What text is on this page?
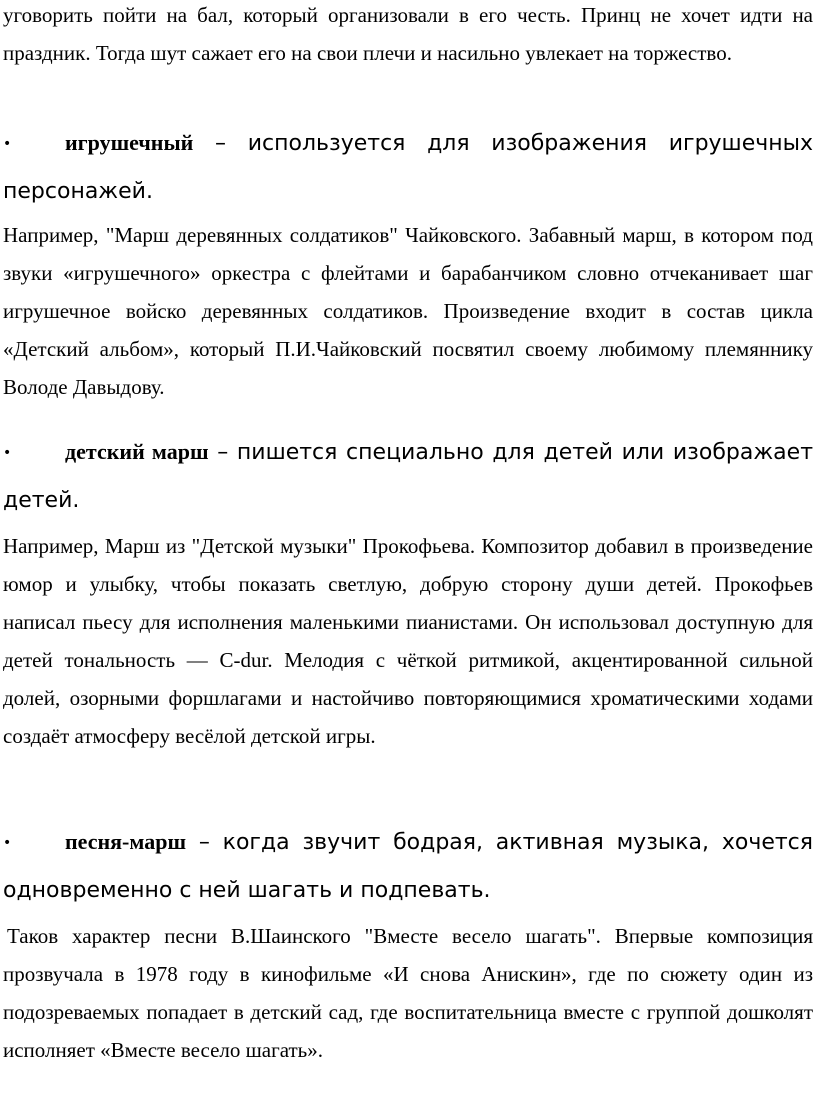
уговорить пойти на бал, который организовали в его честь. Принц не хочет идти на праздник. Тогда шут сажает его на свои плечи и насильно увлекает на торжество.

• игрушечный – используется для изображения игрушечных персонажей.

Например, "Марш деревянных солдатиков" Чайковского. Забавный марш, в котором под звуки «игрушечного» оркестра с флейтами и барабанчиком словно отчеканивает шаг игрушечное войско деревянных солдатиков. Произведение входит в состав цикла «Детский альбом», который П.И.Чайковский посвятил своему любимому племяннику Володе Давыдову.

• детский марш – пишется специально для детей или изображает детей.

Например, Марш из "Детской музыки" Прокофьева. Композитор добавил в произведение юмор и улыбку, чтобы показать светлую, добрую сторону души детей. Прокофьев написал пьесу для исполнения маленькими пианистами. Он использовал доступную для детей тональность — C-dur. Мелодия с чёткой ритмикой, акцентированной сильной долей, озорными форшлагами и настойчиво повторяющимися хроматическими ходами создаёт атмосферу весёлой детской игры.

• песня-марш – когда звучит бодрая, активная музыка, хочется одновременно с ней шагать и подпевать.

Таков характер песни В.Шаинского "Вместе весело шагать". Впервые композиция прозвучала в 1978 году в кинофильме «И снова Анискин», где по сюжету один из подозреваемых попадает в детский сад, где воспитательница вместе с группой дошколят исполняет «Вместе весело шагать».
